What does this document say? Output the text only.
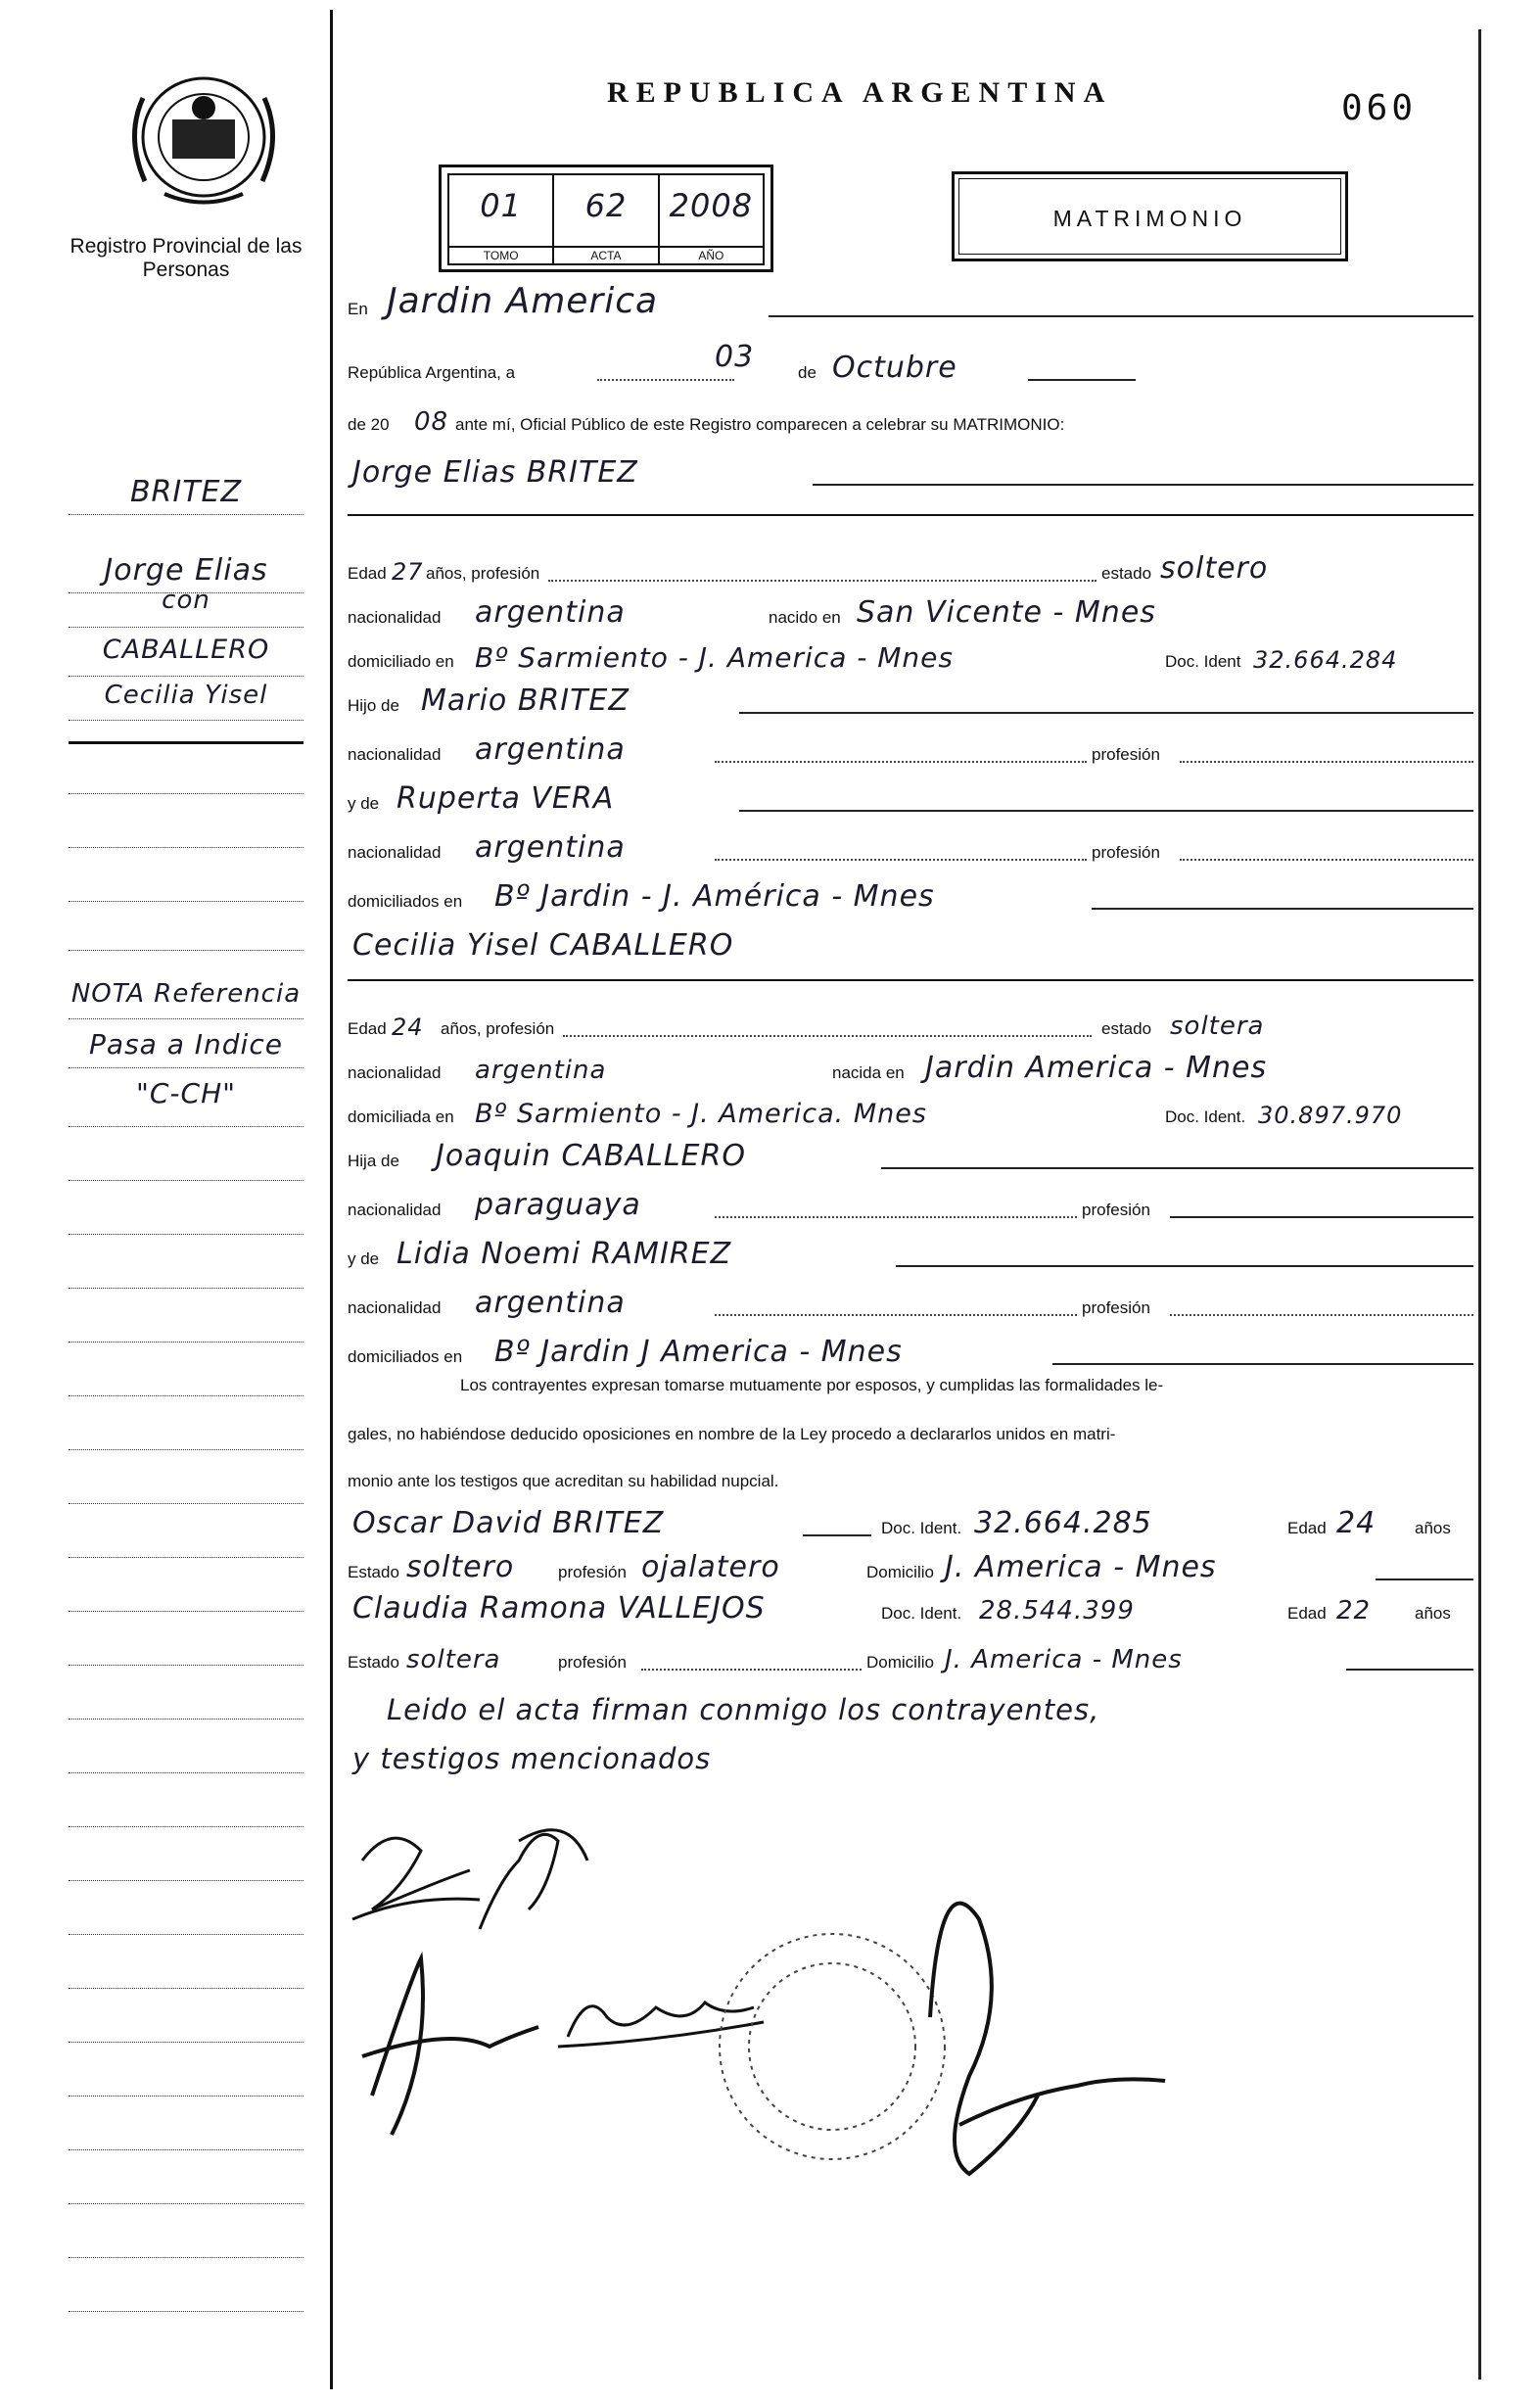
Registro Provincial de las Personas
BRITEZ
Jorge Elias
con
CABALLERO
Cecilia Yisel
NOTA Referencia
Pasa a Indice
"C-CH"
REPUBLICA ARGENTINA	060
01
TOMO
62
ACTA
2008
AÑO
MATRIMONIO
En Jardin America
República Argentina, a	03	de Octubre
de 20 08 ante mí, Oficial Público de este Registro comparecen a celebrar su MATRIMONIO:
Jorge Elias BRITEZ
Edad 27 años, profesión	estado soltero
nacionalidad argentina	nacido en San Vicente - Mnes
domiciliado en Bº Sarmiento - J. America - Mnes	Doc. Ident 32.664.284
Hijo de Mario BRITEZ
nacionalidad argentina	profesión
y de Ruperta VERA
nacionalidad argentina	profesión
domiciliados en Bº Jardin - J. América - Mnes
Cecilia Yisel CABALLERO
Edad 24 años, profesión	estado soltera
nacionalidad argentina	nacida en Jardin America - Mnes
domiciliada en Bº Sarmiento - J. America. Mnes	Doc. Ident. 30.897.970
Hija de Joaquin CABALLERO
nacionalidad paraguaya	profesión
y de Lidia Noemi RAMIREZ
nacionalidad argentina	profesión
domiciliados en Bº Jardin J America - Mnes
Los contrayentes expresan tomarse mutuamente por esposos, y cumplidas las formalidades le-
gales, no habiéndose deducido oposiciones en nombre de la Ley procedo a declararlos unidos en matri-
monio ante los testigos que acreditan su habilidad nupcial.
Oscar David BRITEZ	Doc. Ident. 32.664.285	Edad 24 años
Estado soltero	profesión ojalatero	Domicilio J. America - Mnes
Claudia Ramona VALLEJOS	Doc. Ident. 28.544.399	Edad 22	años
Estado soltera	profesión	Domicilio J. America - Mnes
Leido el acta firman conmigo los contrayentes,
y testigos mencionados
